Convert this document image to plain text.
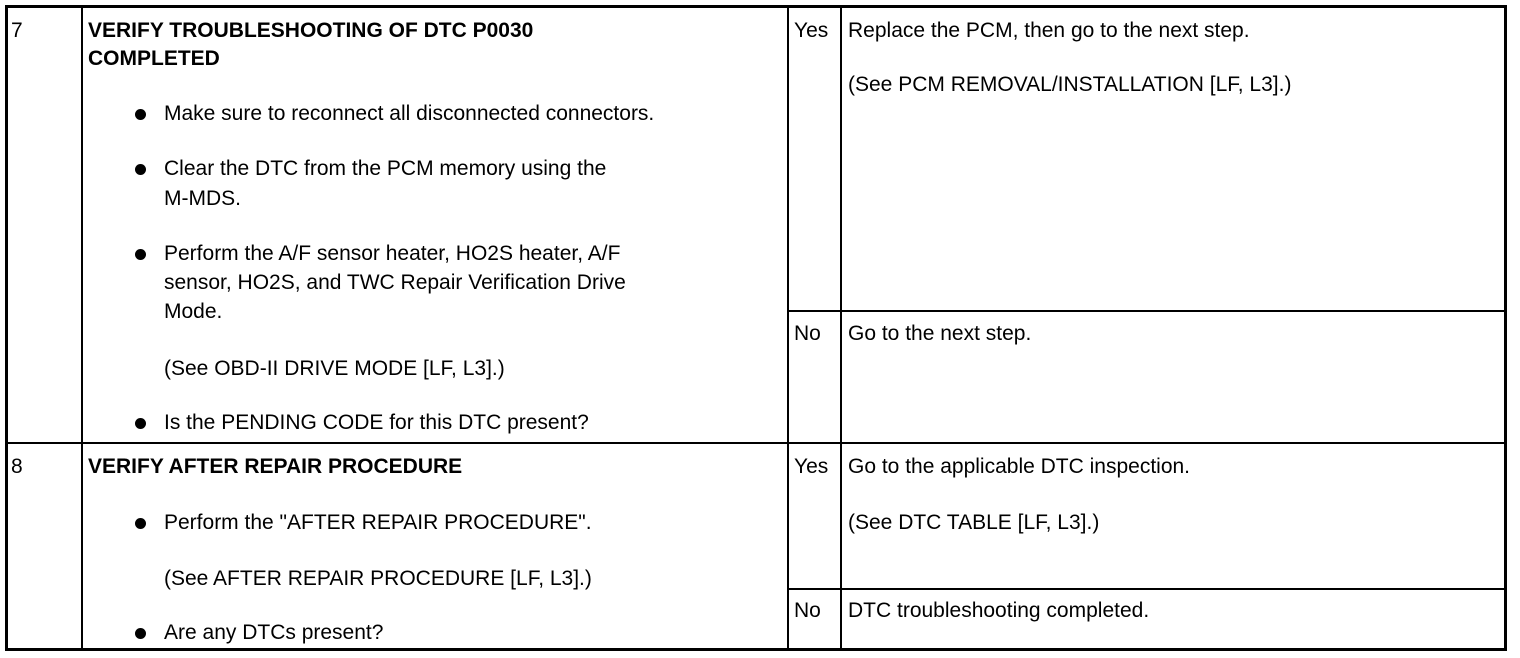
7	VERIFY TROUBLESHOOTING OF DTC P0030
COMPLETED
Make sure to reconnect all disconnected connectors.
Clear the DTC from the PCM memory using the
M-MDS.
Perform the A/F sensor heater, HO2S heater, A/F
sensor, HO2S, and TWC Repair Verification Drive
Mode.
(See OBD-II DRIVE MODE [LF, L3].)
Is the PENDING CODE for this DTC present?
Yes Replace the PCM, then go to the next step.
(See PCM REMOVAL/INSTALLATION [LF, L3].)
No Go to the next step.
8	VERIFY AFTER REPAIR PROCEDURE
Perform the "AFTER REPAIR PROCEDURE".
(See AFTER REPAIR PROCEDURE [LF, L3].)
Are any DTCs present?
Yes Go to the applicable DTC inspection.
(See DTC TABLE [LF, L3].)
No DTC troubleshooting completed.
